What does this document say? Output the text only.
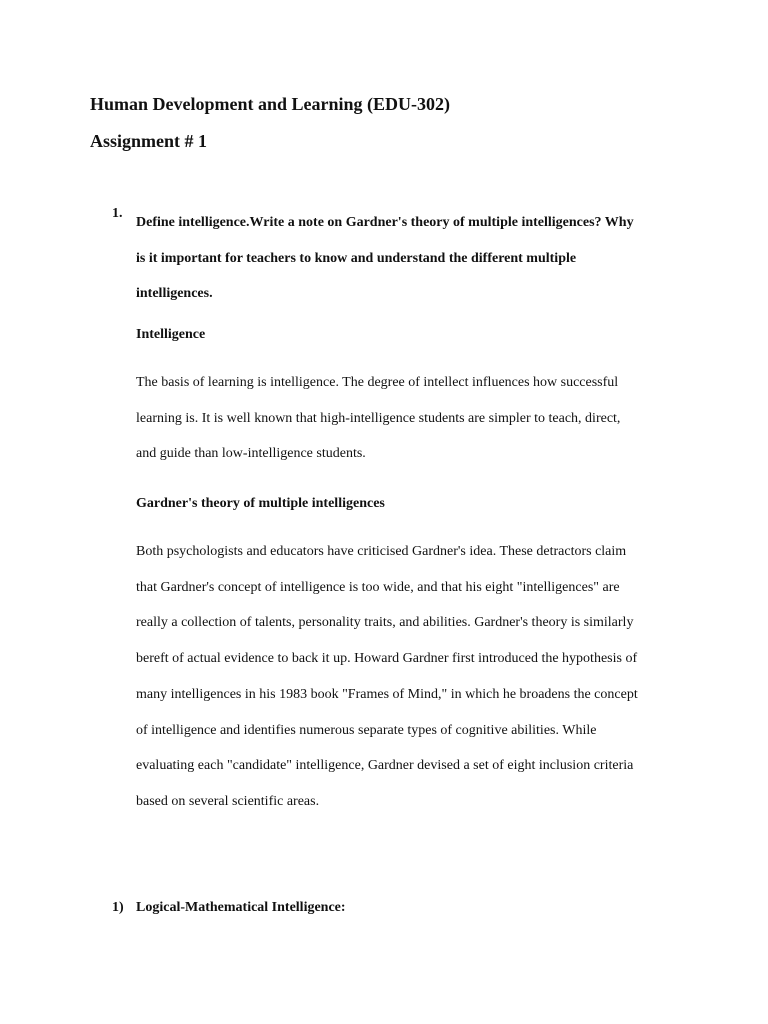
Human Development and Learning (EDU-302)
Assignment # 1
1.

Define intelligence.Write a note on Gardner's theory of multiple intelligences? Why
is it important for teachers to know and understand the different multiple
intelligences.

Intelligence

The basis of learning is intelligence. The degree of intellect influences how successful
learning is. It is well known that high-intelligence students are simpler to teach, direct,
and guide than low-intelligence students.

Gardner's theory of multiple intelligences

Both psychologists and educators have criticised Gardner's idea. These detractors claim
that Gardner's concept of intelligence is too wide, and that his eight "intelligences" are
really a collection of talents, personality traits, and abilities. Gardner's theory is similarly
bereft of actual evidence to back it up. Howard Gardner first introduced the hypothesis of
many intelligences in his 1983 book "Frames of Mind," in which he broadens the concept
of intelligence and identifies numerous separate types of cognitive abilities. While
evaluating each "candidate" intelligence, Gardner devised a set of eight inclusion criteria
based on several scientific areas.

1) Logical-Mathematical Intelligence:
